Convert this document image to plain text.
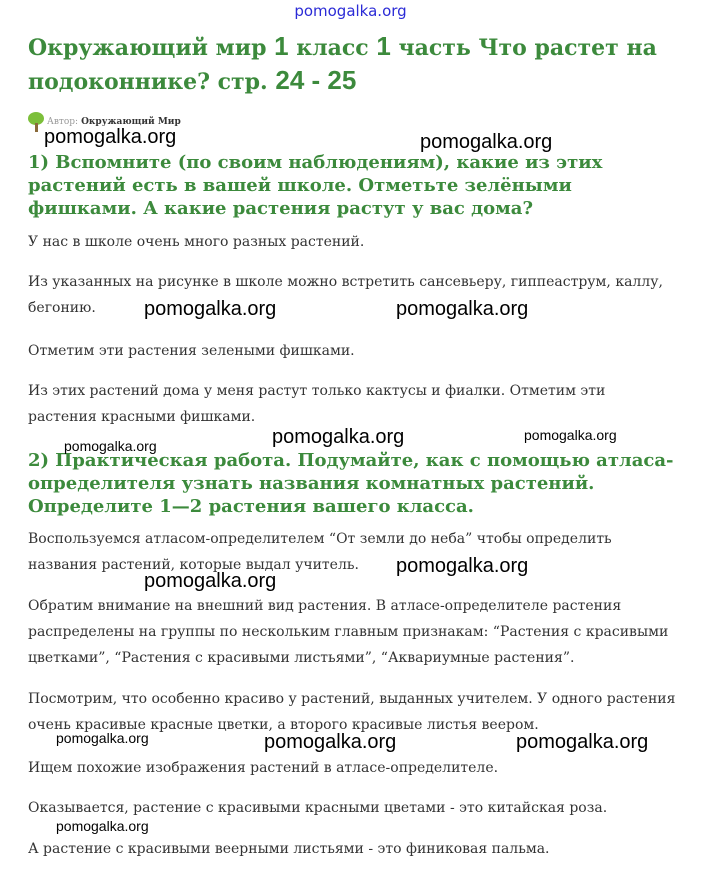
pomogalka.org
Окружающий мир 1 класс 1 часть Что растет на подоконнике? стр. 24 - 25
Автор: Окружающий Мир
1) Вспомните (по своим наблюдениям), какие из этих растений есть в вашей школе. Отметьте зелёными фишками. А какие растения растут у вас дома?
У нас в школе очень много разных растений.
Из указанных на рисунке в школе можно встретить сансевьеру, гиппеаструм, каллу, бегонию.
Отметим эти растения зелеными фишками.
Из этих растений дома у меня растут только кактусы и фиалки. Отметим эти растения красными фишками.
2) Практическая работа. Подумайте, как с помощью атласа-определителя узнать названия комнатных растений. Определите 1—2 растения вашего класса.
Воспользуемся атласом-определителем “От земли до неба” чтобы определить названия растений, которые выдал учитель.
Обратим внимание на внешний вид растения. В атласе-определителе растения распределены на группы по нескольким главным признакам: “Растения с красивыми цветками”, “Растения с красивыми листьями”, “Аквариумные растения”.
Посмотрим, что особенно красиво у растений, выданных учителем. У одного растения очень красивые красные цветки, а второго красивые листья веером.
Ищем похожие изображения растений в атласе-определителе.
Оказывается, растение с красивыми красными цветами - это китайская роза.
А растение с красивыми веерными листьями - это финиковая пальма.
pomogalka.org	pomogalka.org
pomogalka.org	pomogalka.org
pomogalka.org	pomogalka.org	pomogalka.org
pomogalka.org
pomogalka.org
pomogalka.org	pomogalka.org	pomogalka.org
pomogalka.org
